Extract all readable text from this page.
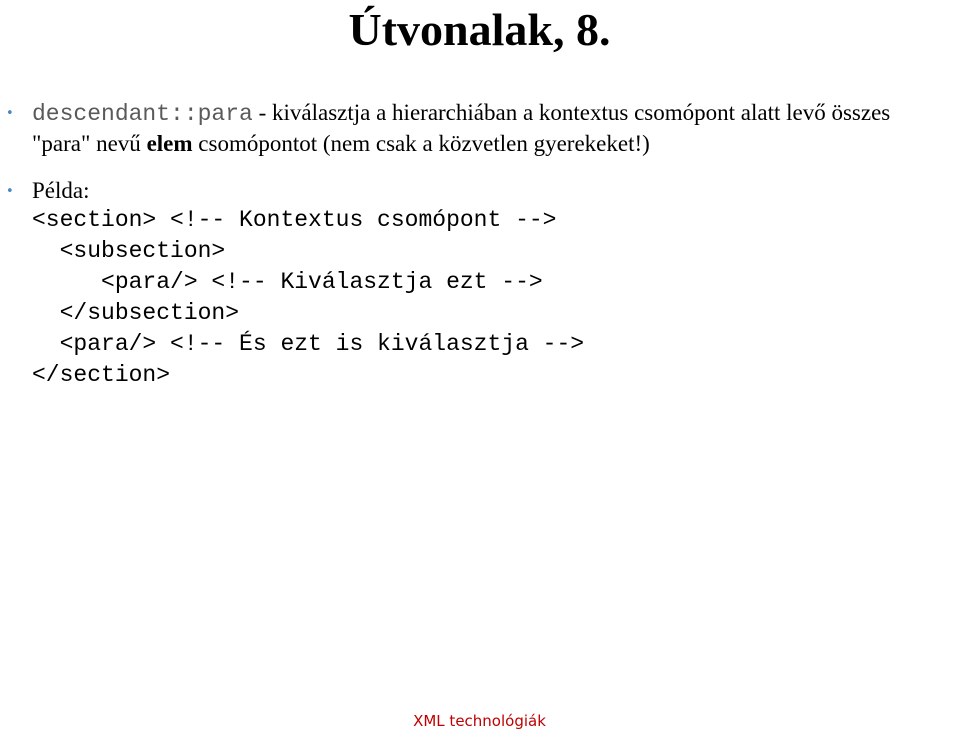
Útvonalak, 8.
• descendant::para - kiválasztja a hierarchiában a kontextus csomópont alatt levő összes "para" nevű elem csomópontot (nem csak a közvetlen gyerekeket!)

• Példa:

<section> <!-- Kontextus csomópont -->
<subsection>
<para/> <!-- Kiválasztja ezt -->
</subsection>
<para/> <!-- És ezt is kiválasztja -->
</section>
XML technológiák
